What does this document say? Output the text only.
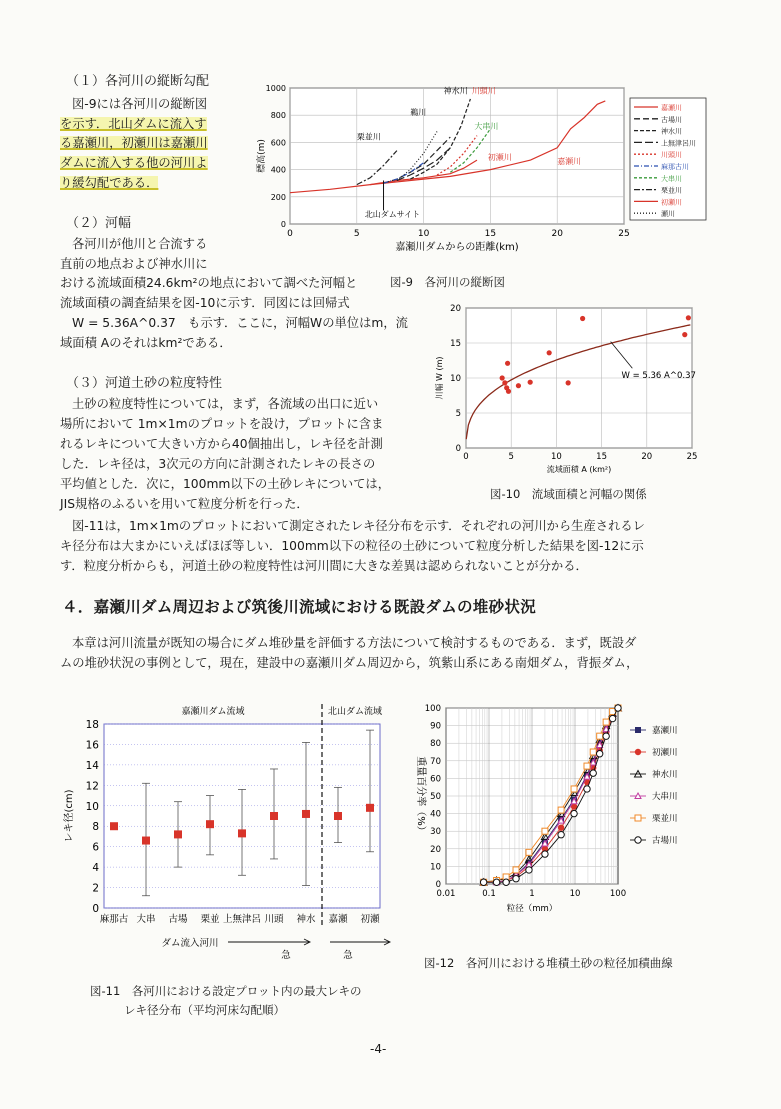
（１）各河川の縦断勾配
図-9には各河川の縦断図
を示す．北山ダムに流入す
る嘉瀬川，初瀬川は嘉瀬川
ダムに流入する他の河川よ
り緩勾配である．
（２）河幅
各河川が他川と合流する
直前の地点および神水川に
おける流域面積24.6km²の地点において調べた河幅と
流域面積の調査結果を図-10に示す．同図には回帰式
W = 5.36A^0.37　も示す．ここに，河幅Wの単位はm，流
域面積 Aのそれはkm²である．
（３）河道土砂の粒度特性
土砂の粒度特性については，まず，各流域の出口に近い
場所において 1m×1mのプロットを設け，プロットに含ま
れるレキについて大きい方から40個抽出し，レキ径を計測
した．レキ径は，3次元の方向に計測されたレキの長さの
平均値とした．次に，100mm以下の土砂レキについては，
JIS規格のふるいを用いて粒度分析を行った．
図-11は，1m×1mのプロットにおいて測定されたレキ径分布を示す．それぞれの河川から生産されるレ
キ径分布は大まかにいえばほぼ等しい．100mm以下の粒径の土砂について粒度分析した結果を図-12に示
す．粒度分析からも，河道土砂の粒度特性は河川間に大きな差異は認められないことが分かる．
４．嘉瀬川ダム周辺および筑後川流域における既設ダムの堆砂状況
本章は河川流量が既知の場合にダム堆砂量を評価する方法について検討するものである．まず，既設ダ
ムの堆砂状況の事例として，現在，建設中の嘉瀬川ダム周辺から，筑紫山系にある南畑ダム，背振ダム，
0	5	10	15	20	25
0
200
400
600
800
1000
嘉瀬川ダムからの距離(km)
標高(m)
神水川 川頭川
大串川
初瀬川	嘉瀬川
栗並川
鵜川
北山ダムサイト
嘉瀬川
古場川
神水川
上無津呂川
川頭川
麻那古川
大串川
栗並川
初瀬川
瀬川
図-9　各河川の縦断図
0	5	10	15	20	25
0
5
10
15
20
流域面積 A (km²)
川幅 W (m)	W = 5.36 A^0.37
図-10　流域面積と河幅の関係
0
2
4
6
8
10
12
14
16
18
レキ径(cm)
嘉瀬川ダム流域	北山ダム流域
麻那古 大串 古場 栗並 上無津呂 川頭 神水 嘉瀬 初瀬
ダム流入河川
急	急
図-11　各河川における設定プロット内の最大レキの
レキ径分布（平均河床勾配順）
0
10
20
30
40
50
60
70
80
90
100
0.01	0.1	1	10	100
粒径（mm）
重量百分率（%）
嘉瀬川
初瀬川
神水川
大串川
栗並川
古場川
図-12　各河川における堆積土砂の粒径加積曲線
-4-
